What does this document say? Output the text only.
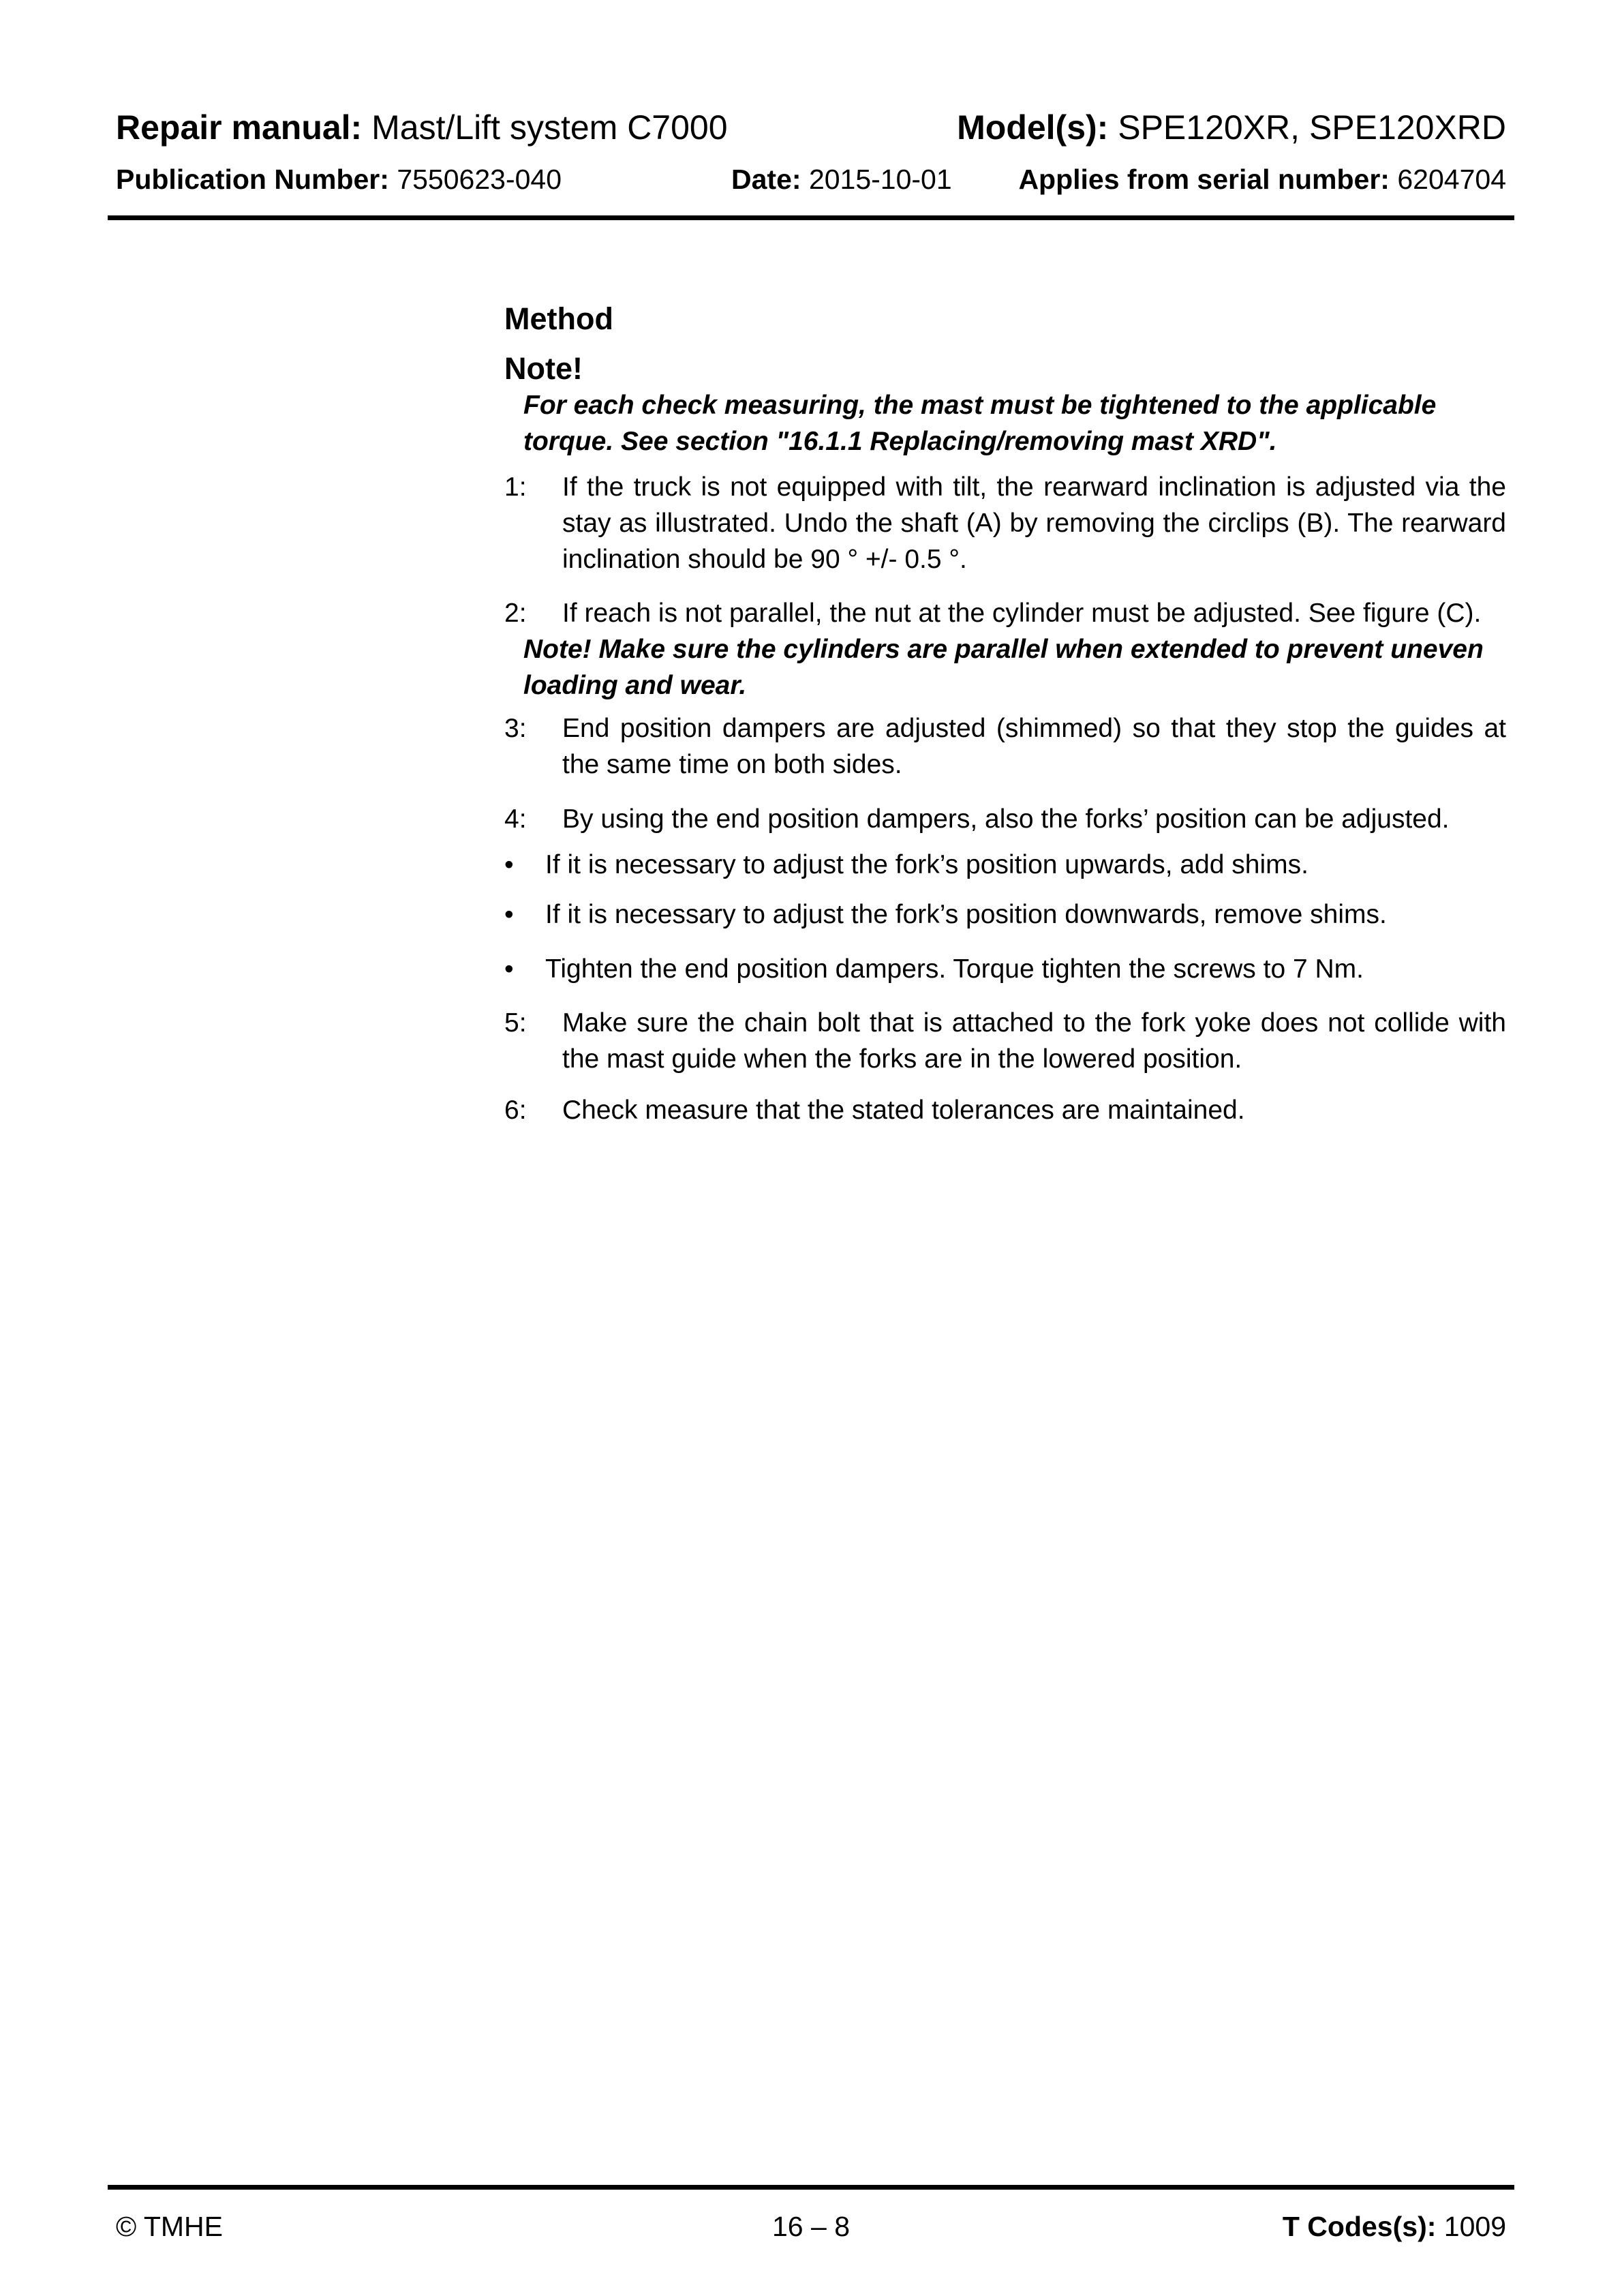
Repair manual: Mast/Lift system C7000	Model(s): SPE120XR, SPE120XRD
Publication Number: 7550623-040	Date: 2015-10-01 Applies from serial number: 6204704
Method
Note!

For each check measuring, the mast must be tightened to the applicable torque. See section "16.1.1 Replacing/removing mast XRD".

1:	If the truck is not equipped with tilt, the rearward inclination is adjusted via the stay as illustrated. Undo the shaft (A) by removing the circlips (B). The rearward inclination should be 90 ° +/- 0.5 °.
2:	If reach is not parallel, the nut at the cylinder must be adjusted. See figure (C).

Note! Make sure the cylinders are parallel when extended to prevent uneven loading and wear.

3:	End position dampers are adjusted (shimmed) so that they stop the guides at the same time on both sides.
4:	By using the end position dampers, also the forks’ position can be adjusted.
•	If it is necessary to adjust the fork’s position upwards, add shims.
•	If it is necessary to adjust the fork’s position downwards, remove shims.
•	Tighten the end position dampers. Torque tighten the screws to 7 Nm.
5:	Make sure the chain bolt that is attached to the fork yoke does not collide with the mast guide when the forks are in the lowered position.
6:	Check measure that the stated tolerances are maintained.
© TMHE	16 – 8	T Codes(s): 1009
